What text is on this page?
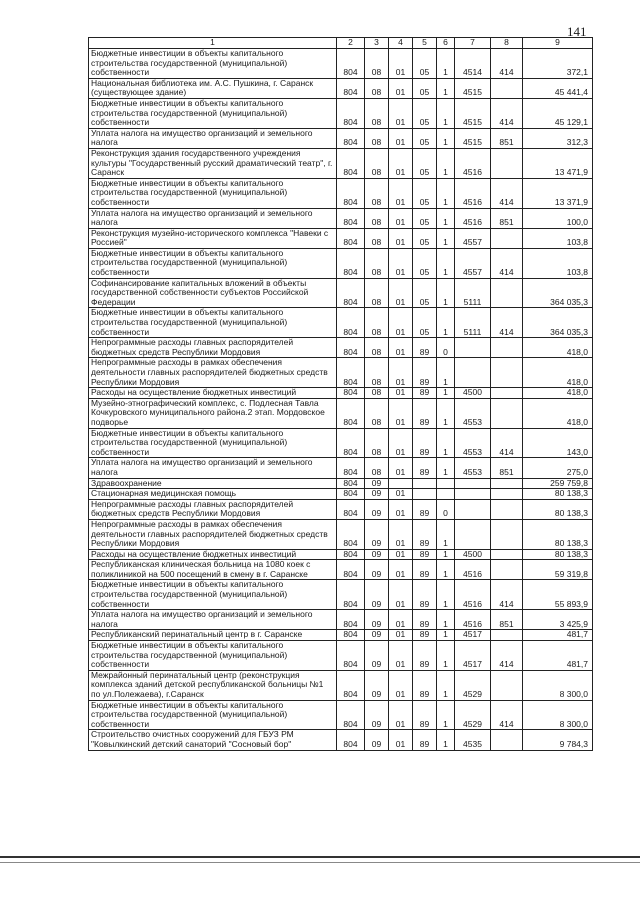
141
1	2	3	4	5	6	7	8	9
Бюджетные инвестиции в объекты капитального строительства государственной (муниципальной) собственности	804	08	01	05	1	4514	414	372,1
Национальная библиотека им. А.С. Пушкина, г. Саранск (существующее здание)	804	08	01	05	1	4515		45 441,4
Бюджетные инвестиции в объекты капитального строительства государственной (муниципальной) собственности	804	08	01	05	1	4515	414	45 129,1
Уплата налога на имущество организаций и земельного налога	804	08	01	05	1	4515	851	312,3
Реконструкция здания государственного учреждения культуры "Государственный русский драматический театр", г. Саранск	804	08	01	05	1	4516		13 471,9
Бюджетные инвестиции в объекты капитального строительства государственной (муниципальной) собственности	804	08	01	05	1	4516	414	13 371,9
Уплата налога на имущество организаций и земельного налога	804	08	01	05	1	4516	851	100,0
Реконструкция музейно-исторического комплекса "Навеки с Россией"	804	08	01	05	1	4557		103,8
Бюджетные инвестиции в объекты капитального строительства государственной (муниципальной) собственности	804	08	01	05	1	4557	414	103,8
Софинансирование капитальных вложений в объекты государственной собственности субъектов Российской Федерации	804	08	01	05	1	5111		364 035,3
Бюджетные инвестиции в объекты капитального строительства государственной (муниципальной) собственности	804	08	01	05	1	5111	414	364 035,3
Непрограммные расходы главных распорядителей бюджетных средств Республики Мордовия	804	08	01	89	0			418,0
Непрограммные расходы в рамках обеспечения деятельности главных распорядителей бюджетных средств Республики Мордовия	804	08	01	89	1			418,0
Расходы на осуществление бюджетных инвестиций	804	08	01	89	1	4500		418,0
Музейно-этнографический комплекс, с. Подлесная Тавла Кочкуровского муниципального района.2 этап. Мордовское подворье	804	08	01	89	1	4553		418,0
Бюджетные инвестиции в объекты капитального строительства государственной (муниципальной) собственности	804	08	01	89	1	4553	414	143,0
Уплата налога на имущество организаций и земельного налога	804	08	01	89	1	4553	851	275,0
Здравоохранение	804	09						259 759,8
Стационарная медицинская помощь	804	09	01					80 138,3
Непрограммные расходы главных распорядителей бюджетных средств Республики Мордовия	804	09	01	89	0			80 138,3
Непрограммные расходы в рамках обеспечения деятельности главных распорядителей бюджетных средств Республики Мордовия	804	09	01	89	1			80 138,3
Расходы на осуществление бюджетных инвестиций	804	09	01	89	1	4500		80 138,3
Республиканская клиническая больница на 1080 коек с поликлиникой на 500 посещений в смену в г. Саранске	804	09	01	89	1	4516		59 319,8
Бюджетные инвестиции в объекты капитального строительства государственной (муниципальной) собственности	804	09	01	89	1	4516	414	55 893,9
Уплата налога на имущество организаций и земельного налога	804	09	01	89	1	4516	851	3 425,9
Республиканский перинатальный центр в г. Саранске	804	09	01	89	1	4517		481,7
Бюджетные инвестиции в объекты капитального строительства государственной (муниципальной) собственности	804	09	01	89	1	4517	414	481,7
Межрайонный перинатальный центр (реконструкция комплекса зданий детской республиканской больницы №1 по ул.Полежаева), г.Саранск	804	09	01	89	1	4529		8 300,0
Бюджетные инвестиции в объекты капитального строительства государственной (муниципальной) собственности	804	09	01	89	1	4529	414	8 300,0
Строительство очистных сооружений для ГБУЗ РМ "Ковылкинский детский санаторий "Сосновый бор"	804	09	01	89	1	4535		9 784,3
